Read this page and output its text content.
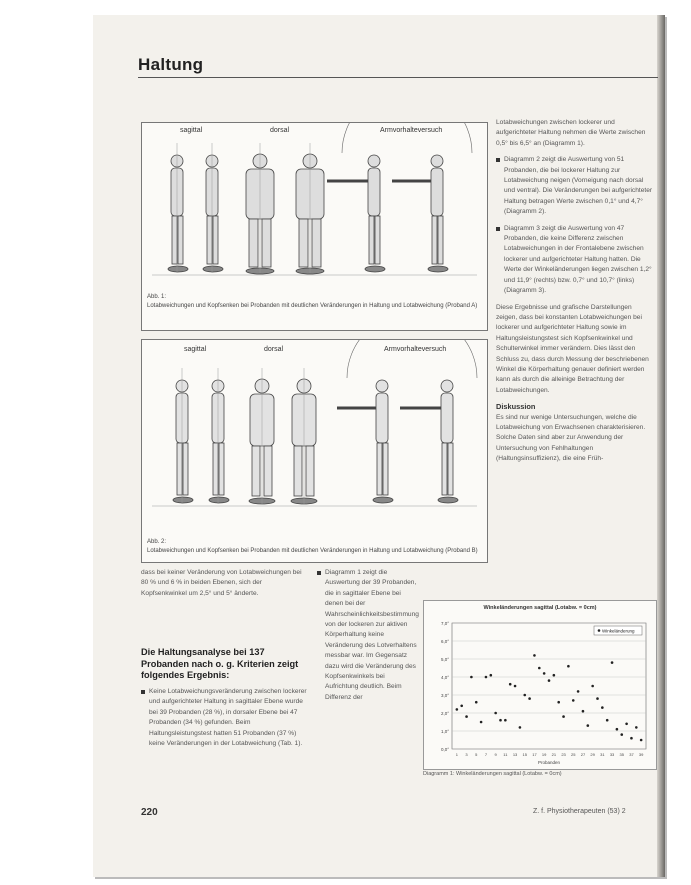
Haltung
sagittal	dorsal	Armvorhalteversuch
Abb. 1:
Lotabweichungen und Kopfsenken bei Probanden mit deutlichen Veränderungen in Haltung und Lotabweichung (Proband A)
sagittal	dorsal	Armvorhalteversuch
Abb. 2:
Lotabweichungen und Kopfsenken bei Probanden mit deutlichen Veränderungen in Haltung und Lotabweichung (Proband B)
Lotabweichungen zwischen lockerer und aufgerichteter Haltung nehmen die Werte zwischen 0,5° bis 6,5° an (Diagramm 1).
Diagramm 2 zeigt die Auswertung von 51 Probanden, die bei lockerer Haltung zur Lotabweichung neigen (Vorneigung nach dorsal und ventral). Die Veränderungen bei aufgerichteter Haltung betragen Werte zwischen 0,1° und 4,7° (Diagramm 2).
Diagramm 3 zeigt die Auswertung von 47 Probanden, die keine Differenz zwischen Lotabweichungen in der Frontalebene zwischen lockerer und aufgerichteter Haltung hatten. Die Werte der Winkeländerungen liegen zwischen 1,2° und 11,9° (rechts) bzw. 0,7° und 10,7° (links) (Diagramm 3).
Diese Ergebnisse und grafische Darstellungen zeigen, dass bei konstanten Lotabweichungen bei lockerer und aufgerichteter Haltung sowie im Haltungsleistungstest sich Kopfsenkwinkel und Schulterwinkel immer verändern. Dies lässt den Schluss zu, dass durch Messung der beschriebenen Winkel die Körperhaltung genauer definiert werden kann als durch die alleinige Betrachtung der Lotabweichungen.
Diskussion
Es sind nur wenige Untersuchungen, welche die Lotabweichung von Erwachsenen charakterisieren. Solche Daten sind aber zur Anwendung der Untersuchung von Fehlhaltungen (Haltungsinsuffizienz), die eine Früh-
dass bei keiner Veränderung von Lotabweichungen bei 80 % und 6 % in beiden Ebenen, sich der Kopfsenkwinkel um 2,5° und 5° änderte.
Die Haltungsanalyse bei 137 Probanden nach o. g. Kriterien zeigt folgendes Ergebnis:
Keine Lotabweichungsveränderung zwischen lockerer und aufgerichteter Haltung in sagittaler Ebene wurde bei 39 Probanden (28 %), in dorsaler Ebene bei 47 Probanden (34 %) gefunden. Beim Haltungsleistungstest hatten 51 Probanden (37 %) keine Veränderungen in der Lotabweichung (Tab. 1).
Diagramm 1 zeigt die Auswertung der 39 Probanden, die in sagittaler Ebene bei denen bei der Wahrscheinlichkeitsbestimmung von der lockeren zur aktiven Körperhaltung keine Veränderung des Lotverhaltens messbar war. Im Gegensatz dazu wird die Veränderung des Kopfsenkwinkels bei Aufrichtung deutlich. Beim Differenz der
Winkeländerungen sagittal (Lotabw. = 0cm)
0,0°
1,0°
2,0°
3,0°
4,0°
5,0°
6,0°
7,0°
1 3 5 7 9 11 13 15 17 19 21 23 25 27 29 31 33 35 37 39
Probanden
Winkeländerung
Diagramm 1: Winkeländerungen sagittal (Lotabw. = 0cm)
220	Z. f. Physiotherapeuten (53) 2
